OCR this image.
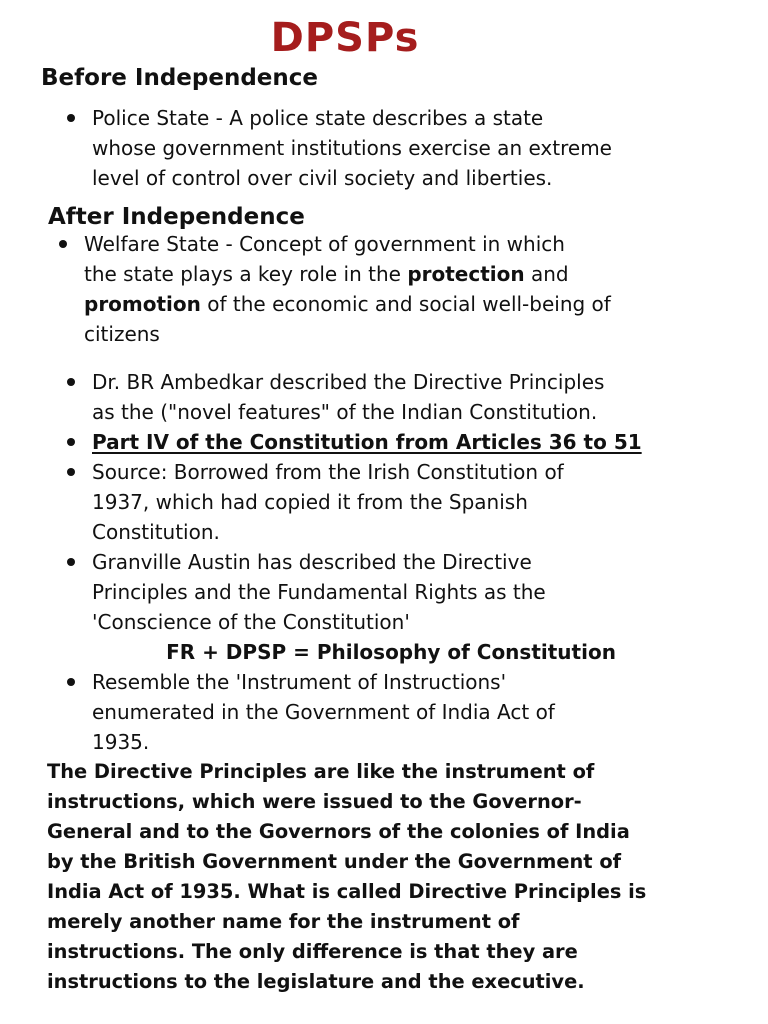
DPSPs
Before Independence
Police State - A police state describes a state
whose government institutions exercise an extreme
level of control over civil society and liberties.
After Independence
Welfare State - Concept of government in which
the state plays a key role in the protection and
promotion of the economic and social well-being of
citizens
Dr. BR Ambedkar described the Directive Principles
as the ("novel features" of the Indian Constitution.
Part IV of the Constitution from Articles 36 to 51
Source: Borrowed from the Irish Constitution of
1937, which had copied it from the Spanish
Constitution.
Granville Austin has described the Directive
Principles and the Fundamental Rights as the
'Conscience of the Constitution'
FR + DPSP = Philosophy of Constitution
Resemble the 'Instrument of Instructions'
enumerated in the Government of India Act of
1935.
The Directive Principles are like the instrument of
instructions, which were issued to the Governor-
General and to the Governors of the colonies of India
by the British Government under the Government of
India Act of 1935. What is called Directive Principles is
merely another name for the instrument of
instructions. The only difference is that they are
instructions to the legislature and the executive.
